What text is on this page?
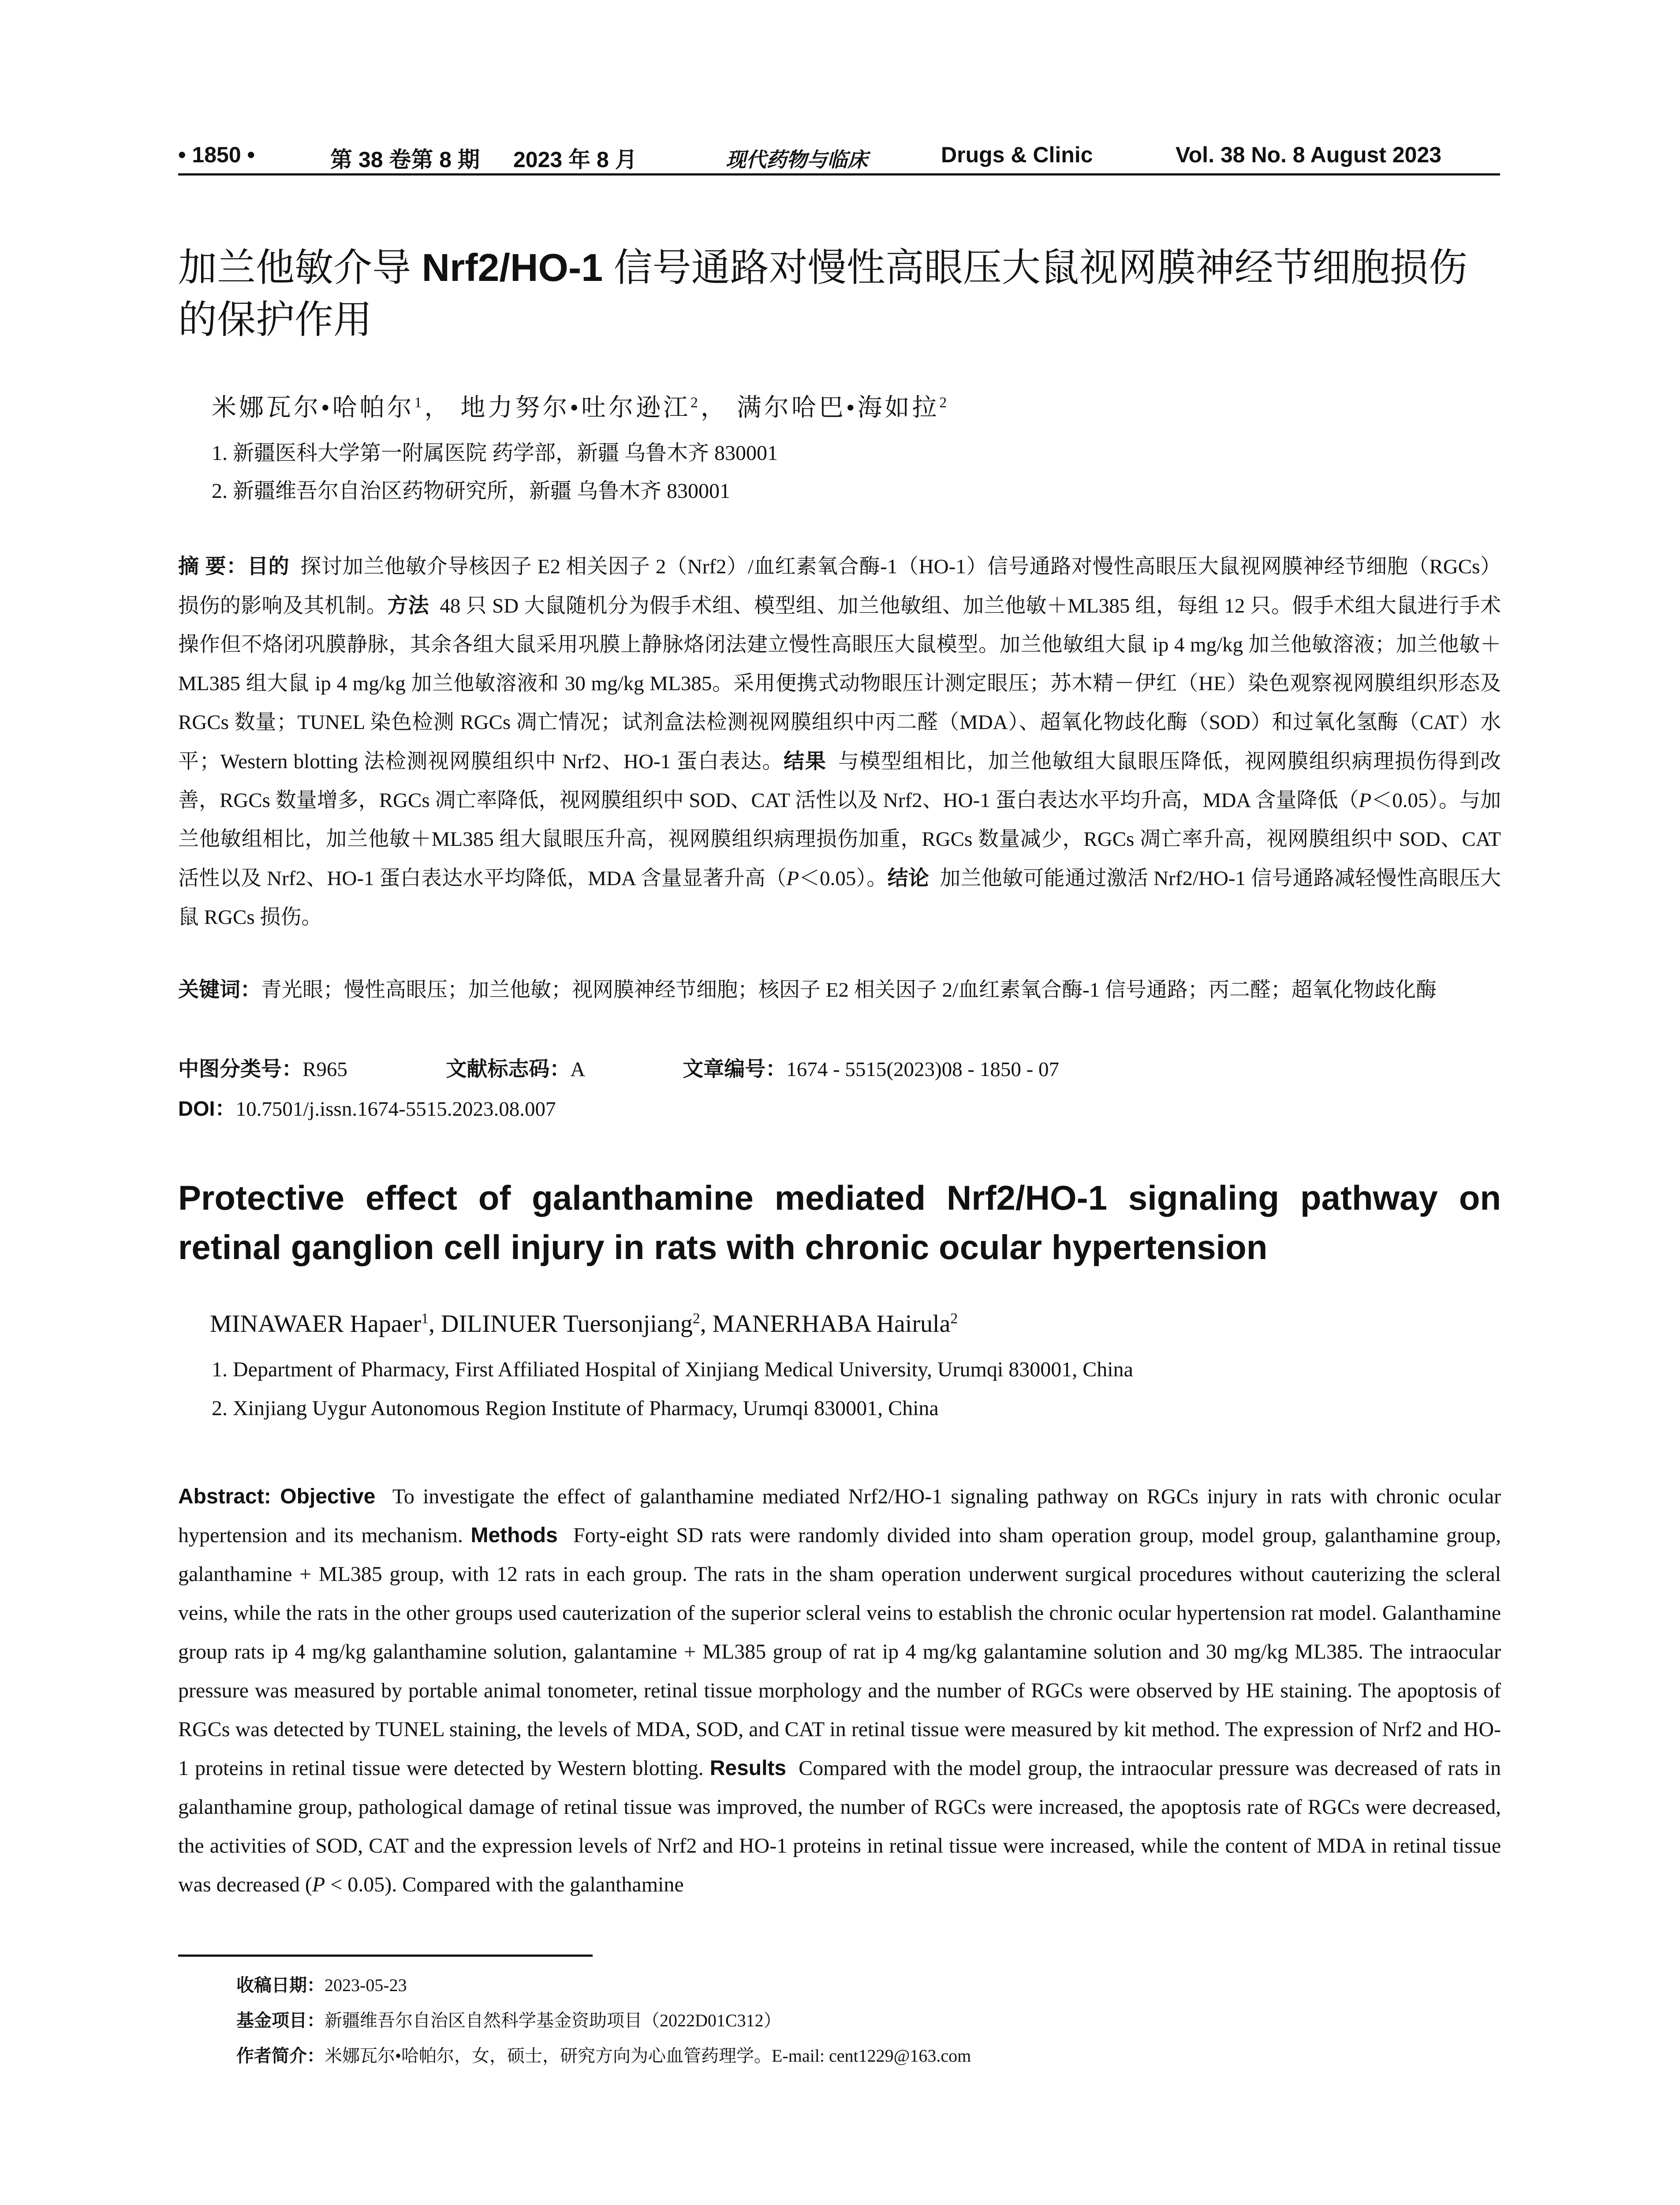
• 1850 •	第 38 卷第 8 期 2023 年 8 月	现代药物与临床	Drugs & Clinic	Vol. 38 No. 8 August 2023
加兰他敏介导 Nrf2/HO-1 信号通路对慢性高眼压大鼠视网膜神经节细胞损伤的保护作用
米娜瓦尔•哈帕尔$^1$， 地力努尔•吐尔逊江$^2$， 满尔哈巴•海如拉$^2$
1. 新疆医科大学第一附属医院 药学部，新疆 乌鲁木齐 830001
2. 新疆维吾尔自治区药物研究所，新疆 乌鲁木齐 830001
摘 要：目的 探讨加兰他敏介导核因子 E2 相关因子 2（Nrf2）/血红素氧合酶-1（HO-1）信号通路对慢性高眼压大鼠视网膜神经节细胞（RGCs）损伤的影响及其机制。方法 48 只 SD 大鼠随机分为假手术组、模型组、加兰他敏组、加兰他敏＋ML385 组，每组 12 只。假手术组大鼠进行手术操作但不烙闭巩膜静脉，其余各组大鼠采用巩膜上静脉烙闭法建立慢性高眼压大鼠模型。加兰他敏组大鼠 ip 4 mg/kg 加兰他敏溶液；加兰他敏＋ML385 组大鼠 ip 4 mg/kg 加兰他敏溶液和 30 mg/kg ML385。采用便携式动物眼压计测定眼压；苏木精－伊红（HE）染色观察视网膜组织形态及 RGCs 数量；TUNEL 染色检测 RGCs 凋亡情况；试剂盒法检测视网膜组织中丙二醛（MDA）、超氧化物歧化酶（SOD）和过氧化氢酶（CAT）水平；Western blotting 法检测视网膜组织中 Nrf2、HO-1 蛋白表达。结果 与模型组相比，加兰他敏组大鼠眼压降低，视网膜组织病理损伤得到改善，RGCs 数量增多，RGCs 凋亡率降低，视网膜组织中 SOD、CAT 活性以及 Nrf2、HO-1 蛋白表达水平均升高，MDA 含量降低（P＜0.05）。与加兰他敏组相比，加兰他敏＋ML385 组大鼠眼压升高，视网膜组织病理损伤加重，RGCs 数量减少，RGCs 凋亡率升高，视网膜组织中 SOD、CAT 活性以及 Nrf2、HO-1 蛋白表达水平均降低，MDA 含量显著升高（P＜0.05）。结论 加兰他敏可能通过激活 Nrf2/HO-1 信号通路减轻慢性高眼压大鼠 RGCs 损伤。
关键词：青光眼；慢性高眼压；加兰他敏；视网膜神经节细胞；核因子 E2 相关因子 2/血红素氧合酶-1 信号通路；丙二醛；超氧化物歧化酶
中图分类号：R965	文献标志码：A	文章编号：1674 - 5515(2023)08 - 1850 - 07
DOI：10.7501/j.issn.1674-5515.2023.08.007
Protective effect of galanthamine mediated Nrf2/HO-1 signaling pathway on retinal ganglion cell injury in rats with chronic ocular hypertension
MINAWAER Hapaer$^1$, DILINUER Tuersonjiang$^2$, MANERHABA Hairula$^2$
1. Department of Pharmacy, First Affiliated Hospital of Xinjiang Medical University, Urumqi 830001, China
2. Xinjiang Uygur Autonomous Region Institute of Pharmacy, Urumqi 830001, China
Abstract: Objective To investigate the effect of galanthamine mediated Nrf2/HO-1 signaling pathway on RGCs injury in rats with chronic ocular hypertension and its mechanism. Methods Forty-eight SD rats were randomly divided into sham operation group, model group, galanthamine group, galanthamine + ML385 group, with 12 rats in each group. The rats in the sham operation underwent surgical procedures without cauterizing the scleral veins, while the rats in the other groups used cauterization of the superior scleral veins to establish the chronic ocular hypertension rat model. Galanthamine group rats ip 4 mg/kg galanthamine solution, galantamine + ML385 group of rat ip 4 mg/kg galantamine solution and 30 mg/kg ML385. The intraocular pressure was measured by portable animal tonometer, retinal tissue morphology and the number of RGCs were observed by HE staining. The apoptosis of RGCs was detected by TUNEL staining, the levels of MDA, SOD, and CAT in retinal tissue were measured by kit method. The expression of Nrf2 and HO-1 proteins in retinal tissue were detected by Western blotting. Results Compared with the model group, the intraocular pressure was decreased of rats in galanthamine group, pathological damage of retinal tissue was improved, the number of RGCs were increased, the apoptosis rate of RGCs were decreased, the activities of SOD, CAT and the expression levels of Nrf2 and HO-1 proteins in retinal tissue were increased, while the content of MDA in retinal tissue was decreased (P < 0.05). Compared with the galanthamine
收稿日期：2023-05-23
基金项目：新疆维吾尔自治区自然科学基金资助项目（2022D01C312）
作者简介：米娜瓦尔•哈帕尔，女，硕士，研究方向为心血管药理学。E-mail: cent1229@163.com
